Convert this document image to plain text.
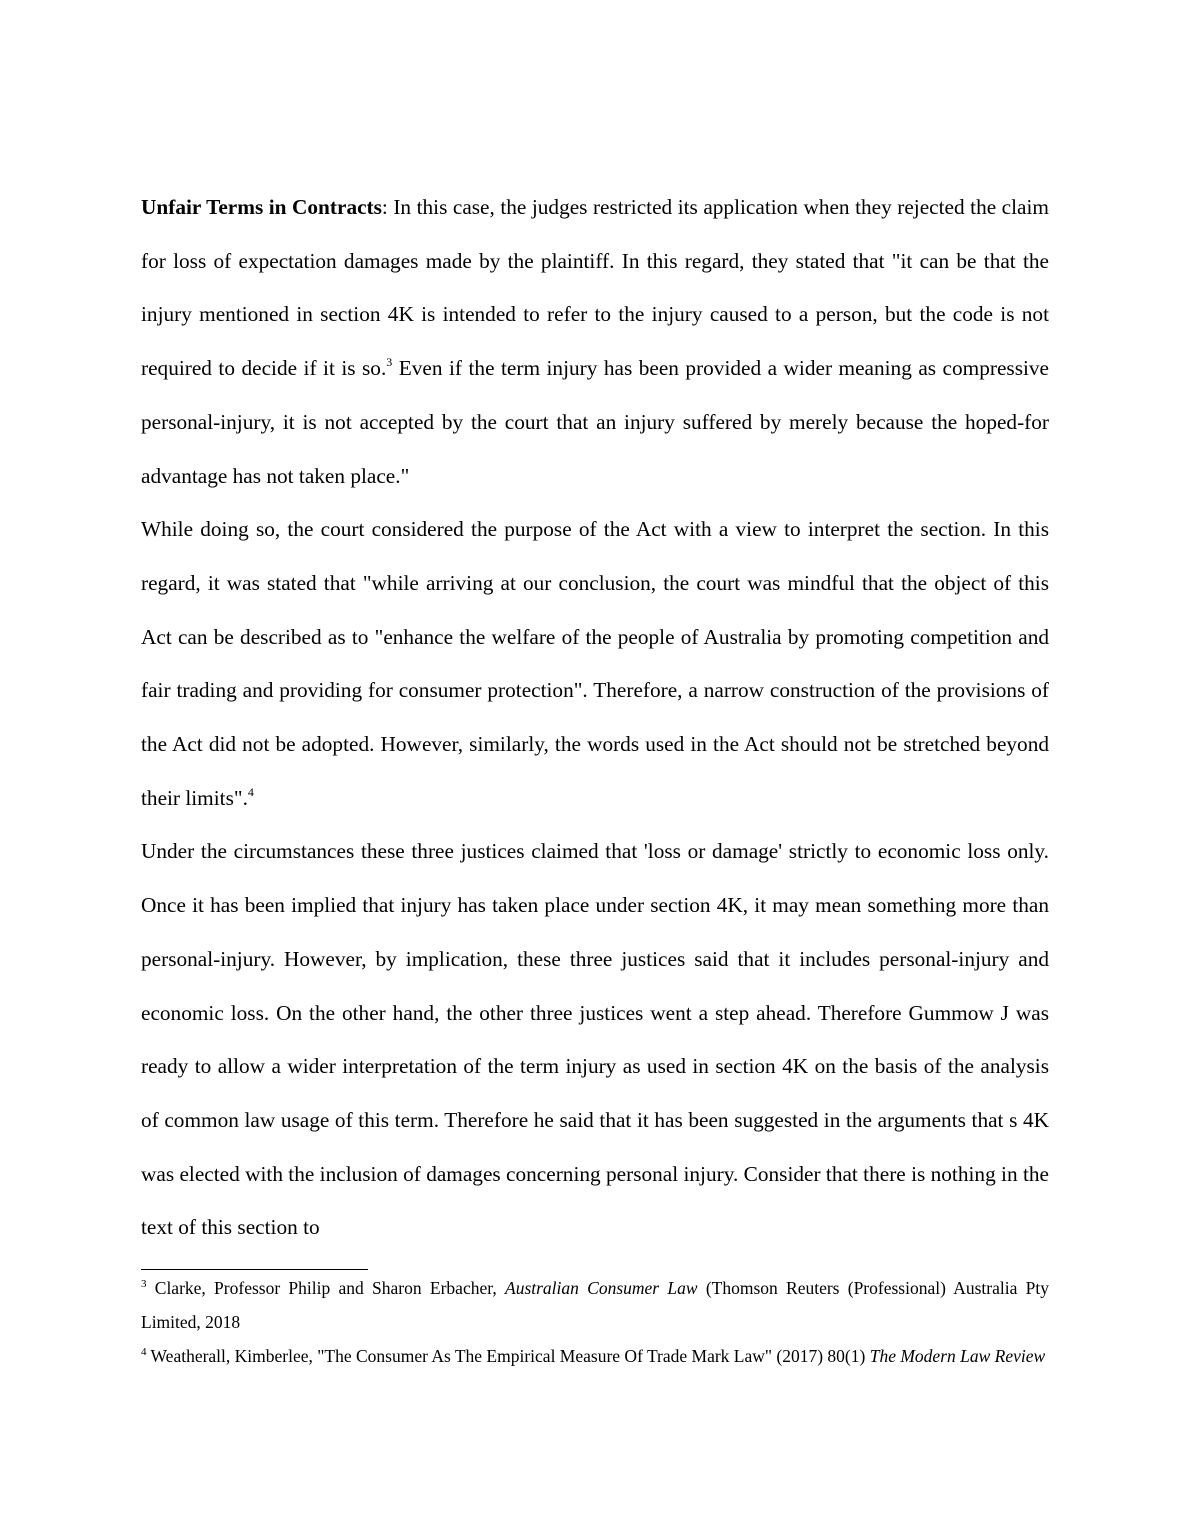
Unfair Terms in Contracts: In this case, the judges restricted its application when they rejected the claim for loss of expectation damages made by the plaintiff. In this regard, they stated that "it can be that the injury mentioned in section 4K is intended to refer to the injury caused to a person, but the code is not required to decide if it is so.$^3$ Even if the term injury has been provided a wider meaning as compressive personal-injury, it is not accepted by the court that an injury suffered by merely because the hoped-for advantage has not taken place."

While doing so, the court considered the purpose of the Act with a view to interpret the section. In this regard, it was stated that "while arriving at our conclusion, the court was mindful that the object of this Act can be described as to "enhance the welfare of the people of Australia by promoting competition and fair trading and providing for consumer protection". Therefore, a narrow construction of the provisions of the Act did not be adopted. However, similarly, the words used in the Act should not be stretched beyond their limits".$^4$

Under the circumstances these three justices claimed that 'loss or damage' strictly to economic loss only. Once it has been implied that injury has taken place under section 4K, it may mean something more than personal-injury. However, by implication, these three justices said that it includes personal-injury and economic loss. On the other hand, the other three justices went a step ahead. Therefore Gummow J was ready to allow a wider interpretation of the term injury as used in section 4K on the basis of the analysis of common law usage of this term. Therefore he said that it has been suggested in the arguments that s 4K was elected with the inclusion of damages concerning personal injury. Consider that there is nothing in the text of this section to

$^3$ Clarke, Professor Philip and Sharon Erbacher, Australian Consumer Law (Thomson Reuters (Professional) Australia Pty Limited, 2018

$^4$ Weatherall, Kimberlee, "The Consumer As The Empirical Measure Of Trade Mark Law" (2017) 80(1) The Modern Law Review
